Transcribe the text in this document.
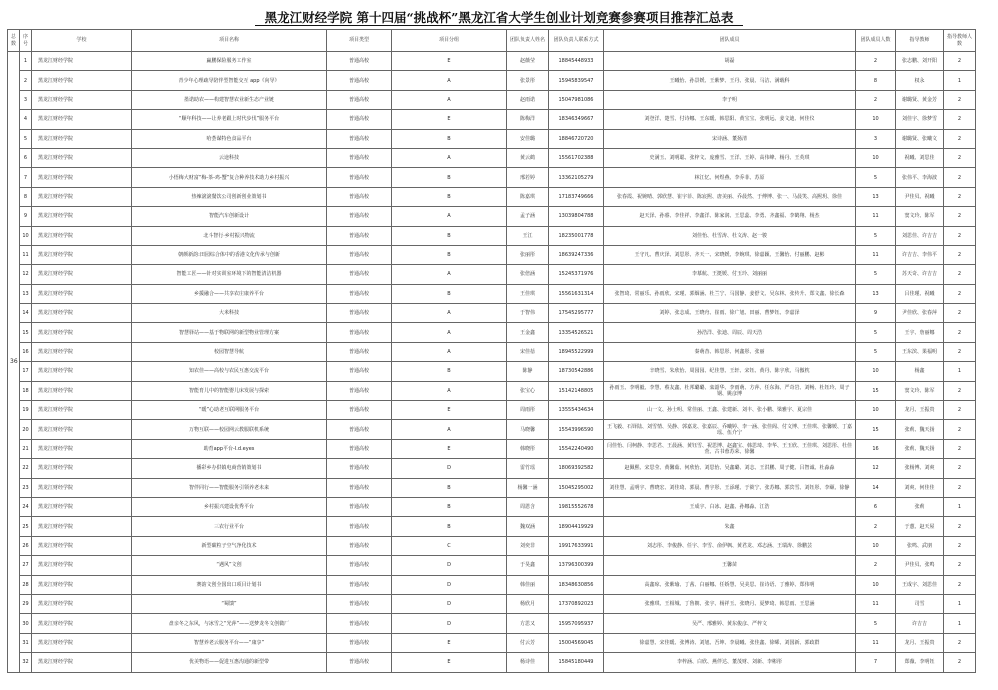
黑龙江财经学院 第十四届“挑战杯”黑龙江省大学生创业计划竞赛参赛项目推荐汇总表
总数	序号	学校	项目名称	项目类型	项目分组	团队负责人姓名	团队负责人联系方式	团队成员	团队成员人数	指导教师	指导教师人数
36	1	黑龙江财经学院	赢鹏保险服务工作室	普通高校	E	赵薇莹	18845448933	胡磊	2	张志鹏、刘开阳	2
	2	黑龙江财经学院	青少年心理疏导陪伴型智能交互 app《向导》	普通高校	A	张景彤	15945839547	王曦怡、孙景媛、王紫梦、王丹、张晨、马洁、满载科	8	权永	1
	3	黑龙江财经学院	墨诺助农——构建智慧农业新生态产业链	普通高校	A	赵雨诺	15047981086	李子明	2	谢璐贤、黄金芳	2
	4	黑龙江财经学院	“顺年科技——让养老跟上时代步伐”服务平台	普通高校	E	陈梅洋	18346349667	刘登洋、楚雪、付诗娜、王东暖、韩思阳、黄宝宝、张明远、姜文迪、何佳仪	10	刘佳宇、徐梦雪	2
	5	黑龙江财经学院	哈荟谋特色食品平台	普通高校	B	安佳璐	18846720720	宋诗涵、董扬清	3	谢璐贤、张曦文	2
	6	黑龙江财经学院	云途科技	普通高校	A	黄云鹤	15561702388	史满玉、刘明聪、张梓文、庞雅雪、王洋、王婷、高伟峰、杨丹、王英琪	10	祝曦、刘思佳	2
	7	黑龙江财经学院	小悟梅大财富“梅-茶-鸡-蟹”复合种养技术助力乡村振兴	普通高校	B	邢若婷	13362105279	林江忆、何煜燕、李乔菲、苏原	5	张伟平、李海波	2
	8	黑龙江财经学院	热辣滚滚餐饮公司创新创业策划书	普通高校	B	陈嘉琪	17183749666	张春霞、祝婉晴、郭欣慧、崔宇菲、陈宸熙、唐美丽、乔晨然、于傅博、张一、马晨笑、高熙玥、徐佳	13	尹佳贝、祝曦	2
	9	黑龙江财经学院	智能汽车创新设计	普通高校	A	孟子涵	13039804788	赵天泽、孙睿、李佳祥、李鑫洋、陈家润、王思蕊、李勇、齐鑫福、李鹤翔、杨杰	11	窦文玲、陈军	2
	10	黑龙江财经学院	北斗智行·乡村振兴物流	普通高校	B	王江	18235001778	刘佳怡、杜雪涛、杜文涛、赵一骏	5	刘思佳、许吉吉	2
	11	黑龙江财经学院	朝颜新韵:田园综合体中的香港文化传承与创新	普通高校	B	张丽彤	18639247336	王守凡、曹庆泽、刘思彤、齐天一、宋晓媛、李婉琪、徐嘉颖、王馨怡、付丽鹏、赵彬	11	许吉吉、李伟平	2
	12	黑龙江财经学院	智能工匠——针对实训室环境下的智能清洁机器	普通高校	A	张倍涵	15245371976	李慕航、王挺媛、付玉玲、刘丽丽	5	苏天奇、许吉吉	2
	13	黑龙江财经学院	乡援融合——共享农庄康养平台	普通高校	B	王佳琪	15561631314	张智琦、常丽乐、孙雨欣、宋瑾、郭烟涵、杜兰宁、马国静、姜舒文、吴东林、张传升、郑文鑫、徐长森	13	吕佳瑾、祝曦	2
	14	黑龙江财经学院	大米科技	普通高校	A	于智伟	17545295777	刘婷、张志成、王晓舟、崔雨、徐广旭、田丽、曹梦钰、李嘉泽	9	尹佳欣、张春萍	2
	15	黑龙江财经学院	智慧驿站——基于物联网的新型物业管理方案	普通高校	A	王金鑫	13354526521	孙浩洋、张迪、周辰、周天浩	5	王宇、詹丽娜	2
	16	黑龙江财经学院	校园智慧导航	普通高校	A	宋佳蓓	18945522999	秦萌杳、韩思彤、何鑫彤、张丽	5	王东滨、果福明	2
	17	黑龙江财经学院	知农佳——高校与农民互惠交流平台	普通高校	B	陈静	18730542886	辛晓雪、朱欣怡、周园园、纪佳慧、王轩、宋钰、黄丹、陈宇欣、马傲枕	10	杨鑫	1
	18	黑龙江财经学院	智能育儿中的智能婴儿床发展与探索	普通高校	A	张宝心	15142148805	孙雨玉、李明毅、李慧、蔡友鑫、杜邦璐璐、栾韶华、李雨萌、方萍、任东海、严奇岩、刘畅、杜钰玲、周子钢、姚彦博	15	窦文玲、陈军	2
	19	黑龙江财经学院	“暖”心助老互联网服务平台	普通高校	E	周雨彤	13555434634	山一文、孙士明、常佳丽、王鑫、张建新、刘丰、张小鹏、梁雅宇、夏宗佳	10	龙月、王振贵	2
	20	黑龙江财经学院	万物互联——校园网云教服联机系统	普通高校	A	马晓馨	15543996590	王飞毅、石铎陆、刘雪情、吴静、郭嘉龙、张嘉辰、乔曦婷、李一涵、张佳阁、付文博、王佳琪、张馨媛、丁嘉瑶、伍介宁	15	张莉、魏天扬	2
	21	黑龙江财经学院	助育app平台-I.d.eyes	普通高校	E	韩晓彤	15542240490	闫佳怡、闫柯静、李思君、王晨涵、黄钰雪、祝思博、赵鑫宝、韩思琦、李华、王玉欣、王佳琪、刘思彤、杜佳萱、古书蓉苏荣、徐馨	16	张莉、魏天扬	2
	22	黑龙江财经学院	播彩乡办供镇电商营销策划书	普通高校	D	雷竹瑶	18069392582	赵佩熙、宋思莹、黄馨茹、何欣怡、刘思怡、吴鑫璐、刘志、王洪鹏、周子健、吕智诚、杜淼淼	12	张杨博、刘爽	2
	23	黑龙江财经学院	智伴同行——智能服务引领养老未来	普通高校	B	杨馨一涵	15045295002	刘佳慧、孟明宇、曹晓宏、刘佳琦、郭晨、曹宇彤、王添瑾、于筱宁、张苏娜、郭宾雪、刘钰彤、李颐、徐静	14	刘爽、何佳佳	2
	24	黑龙江财经学院	乡村振兴建设优秀平台	普通高校	B	周恩含	19815552678	王成宇、白冰、赵鑫、孙娜淼、江浩	6	张莉	1
	25	黑龙江财经学院	三农行业平台	普通高校	B	魏双涵	18904419929	朱鑫	2	于蕙、赵天屋	2
	26	黑龙江财经学院	新型碳粒子空气净化技术	普通高校	C	刘奕非	19917633991	刘志彤、李俊静、任宇、李雪、俞伊枫、黄君龙、邓志涵、王瑞涛、徐鹏芸	10	张鸣、武朋	2
	27	黑龙江财经学院	“遇风”文创	普通高校	D	于昊鑫	13796300399	王馨苗	2	尹佳贝、张鸣	2
	28	黑龙江财经学院	赛韵文创全国出口项目计划书	普通高校	D	韩佳丽	18348630856	高鑫琼、张紫瑜、丁茜、白丽娜、任娇慧、吴美思、崔诗语、丁雅婷、郑伟明	10	王成宇、刘思佳	2
	29	黑龙江财经学院	“蜀馈”	普通高校	D	杨欣月	17370892023	张雅琪、王相城、丁鲁朝、张宇、杨祥玉、张晓月、夏梦琦、韩思雨、王思涵	11	司雪	1
	30	黑龙江财经学院	盘亲冬之东风，与冰雪之“光萍”——送梦龙冬文创微厂	普通高校	D	方思又	15957095937	吴严、邢雅婷、黄东俊彦、严梓文	5	许吉吉	1
	31	黑龙江财经学院	智慧养老云服务平台——“康享”	普通高校	E	付云芳	15004569045	徐嘉慧、宋佳暖、张博涛、刘旭、吾坤、李晨曦、张佳鑫、徐晞、刘国新、郭政群	11	龙月、王振贵	2
	32	黑龙江财经学院	优美物语——促进互惠沟通的新型带	普通高校	E	杨诗佳	15845180449	李梓涵、白欣、燕伴达、董茂财、刘新、李彬彤	7	郑薇、李明钰	2
